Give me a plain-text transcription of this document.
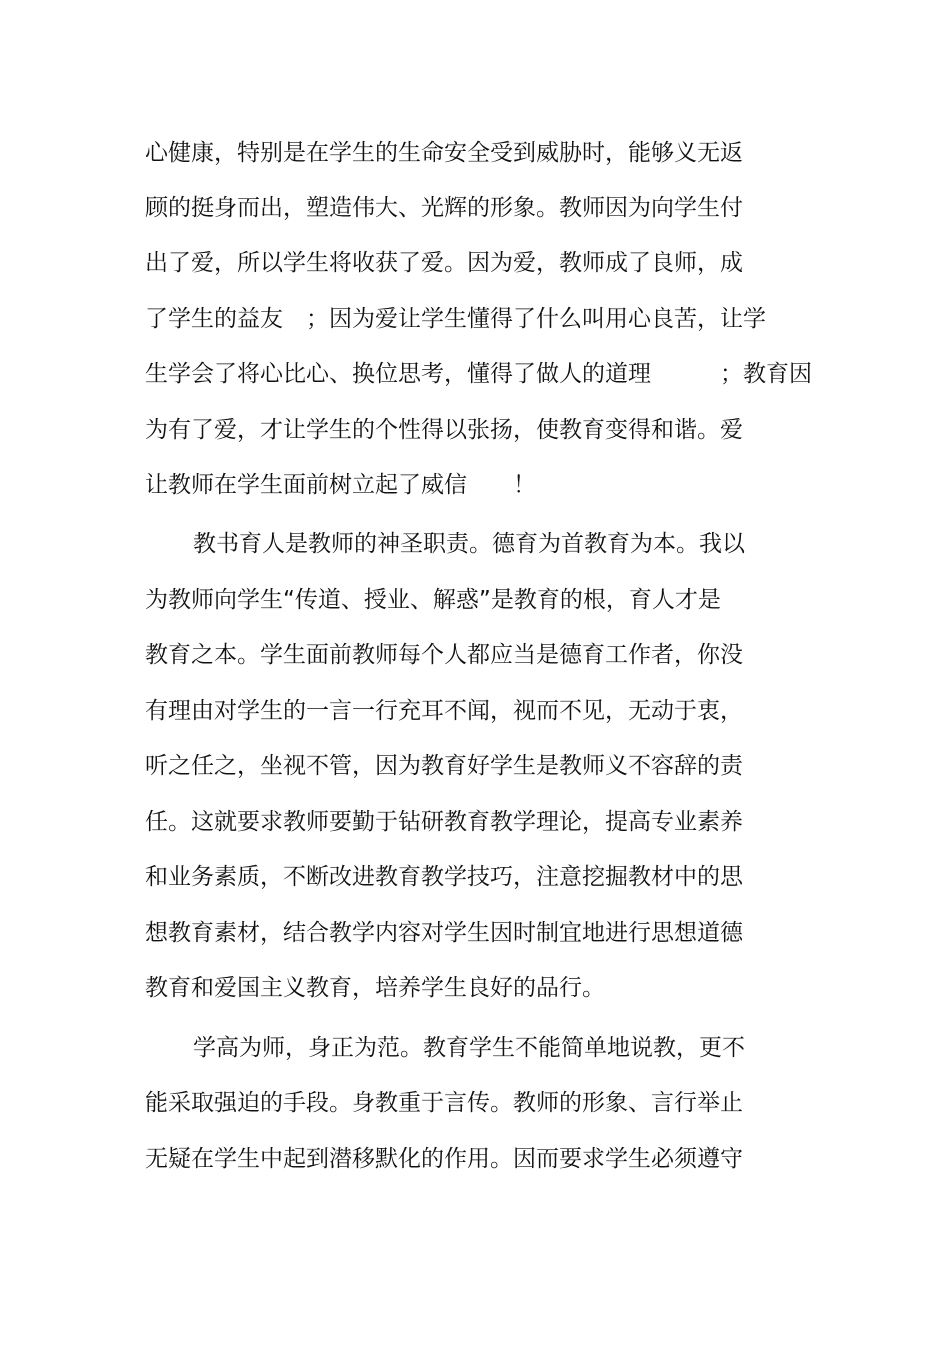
心健康，特别是在学生的生命安全受到威胁时，能够义无返

顾的挺身而出，塑造伟大、光辉的形象。教师因为向学生付

出了爱，所以学生将收获了爱。因为爱，教师成了良师，成

了学生的益友　；因为爱让学生懂得了什么叫用心良苦，让学

生学会了将心比心、换位思考，懂得了做人的道理　　　；教育因

为有了爱，才让学生的个性得以张扬，使教育变得和谐。爱

让教师在学生面前树立起了威信　　！

教书育人是教师的神圣职责。德育为首教育为本。我以

为教师向学生“传道、授业、解惑”是教育的根，育人才是

教育之本。学生面前教师每个人都应当是德育工作者，你没

有理由对学生的一言一行充耳不闻，视而不见，无动于衷，

听之任之，坐视不管，因为教育好学生是教师义不容辞的责

任。这就要求教师要勤于钻研教育教学理论，提高专业素养

和业务素质，不断改进教育教学技巧，注意挖掘教材中的思

想教育素材，结合教学内容对学生因时制宜地进行思想道德

教育和爱国主义教育，培养学生良好的品行。

学高为师，身正为范。教育学生不能简单地说教，更不

能采取强迫的手段。身教重于言传。教师的形象、言行举止

无疑在学生中起到潜移默化的作用。因而要求学生必须遵守
